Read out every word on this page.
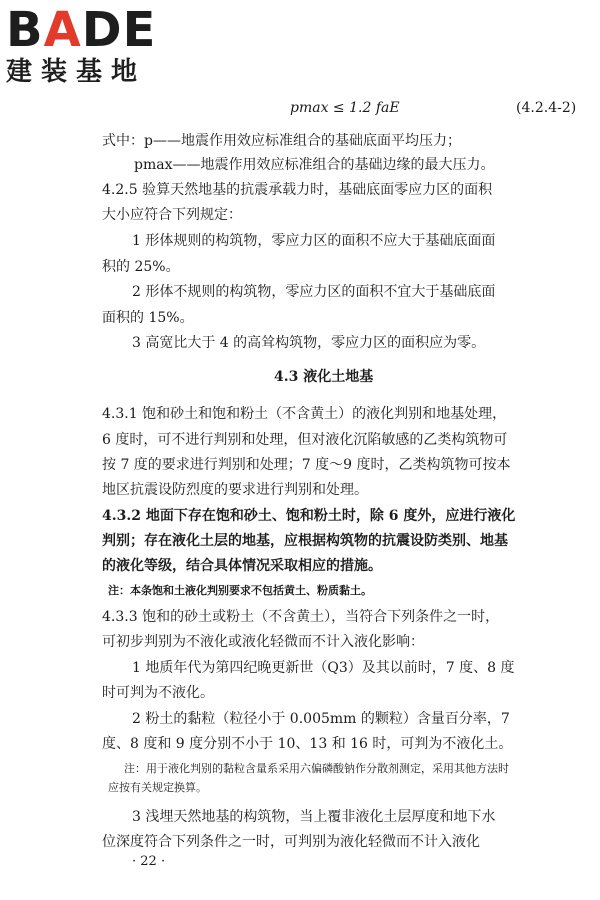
BADE
建装基地
pmax ≤ 1.2 faE	(4.2.4-2)
式中：p——地震作用效应标准组合的基础底面平均压力；
pmax——地震作用效应标准组合的基础边缘的最大压力。
4.2.5 验算天然地基的抗震承载力时，基础底面零应力区的面积
大小应符合下列规定：
1 形体规则的构筑物，零应力区的面积不应大于基础底面面
积的 25%。
2 形体不规则的构筑物，零应力区的面积不宜大于基础底面
面积的 15%。
3 高宽比大于 4 的高耸构筑物，零应力区的面积应为零。
4.3 液化土地基
4.3.1 饱和砂土和饱和粉土（不含黄土）的液化判别和地基处理，
6 度时，可不进行判别和处理，但对液化沉陷敏感的乙类构筑物可
按 7 度的要求进行判别和处理；7 度～9 度时，乙类构筑物可按本
地区抗震设防烈度的要求进行判别和处理。
4.3.2 地面下存在饱和砂土、饱和粉土时，除 6 度外，应进行液化
判别；存在液化土层的地基，应根据构筑物的抗震设防类别、地基
的液化等级，结合具体情况采取相应的措施。
注：本条饱和土液化判别要求不包括黄土、粉质黏土。
4.3.3 饱和的砂土或粉土（不含黄土），当符合下列条件之一时，
可初步判别为不液化或液化轻微而不计入液化影响：
1 地质年代为第四纪晚更新世（Q3）及其以前时，7 度、8 度
时可判为不液化。
2 粉土的黏粒（粒径小于 0.005mm 的颗粒）含量百分率，7
度、8 度和 9 度分别不小于 10、13 和 16 时，可判为不液化土。
注：用于液化判别的黏粒含量系采用六偏磷酸钠作分散剂测定，采用其他方法时
应按有关规定换算。
3 浅埋天然地基的构筑物，当上覆非液化土层厚度和地下水
位深度符合下列条件之一时，可判别为液化轻微而不计入液化
· 22 ·
